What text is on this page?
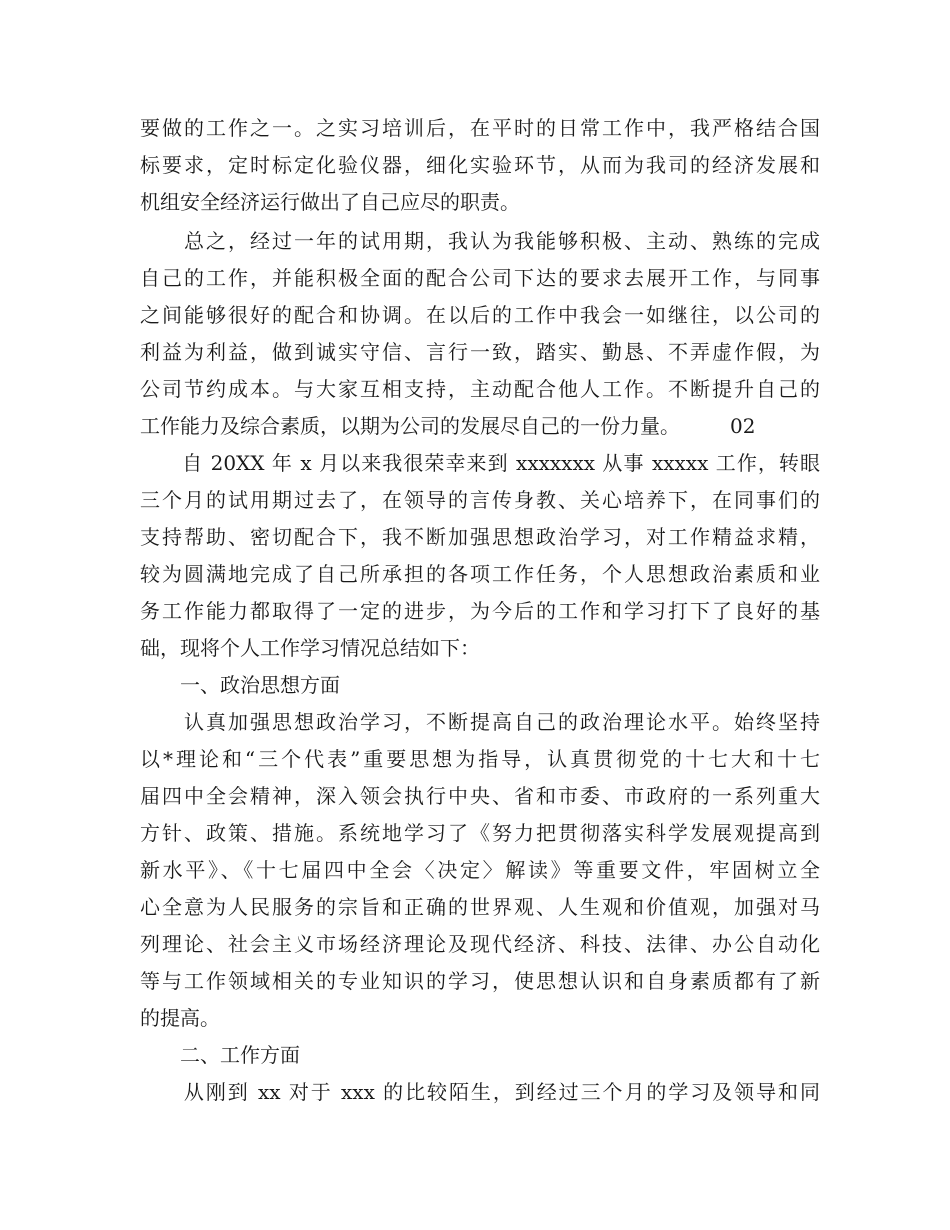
要做的工作之一。之实习培训后，在平时的日常工作中，我严格结合国
标要求，定时标定化验仪器，细化实验环节，从而为我司的经济发展和
机组安全经济运行做出了自己应尽的职责。
　　总之，经过一年的试用期，我认为我能够积极、主动、熟练的完成
自己的工作，并能积极全面的配合公司下达的要求去展开工作，与同事
之间能够很好的配合和协调。在以后的工作中我会一如继往，以公司的
利益为利益，做到诚实守信、言行一致，踏实、勤恳、不弄虚作假，为
公司节约成本。与大家互相支持，主动配合他人工作。不断提升自己的
工作能力及综合素质，以期为公司的发展尽自己的一份力量。　　　02
　　自 20XX 年 x 月以来我很荣幸来到 xxxxxxx 从事 xxxxx 工作，转眼
三个月的试用期过去了，在领导的言传身教、关心培养下，在同事们的
支持帮助、密切配合下，我不断加强思想政治学习，对工作精益求精，
较为圆满地完成了自己所承担的各项工作任务，个人思想政治素质和业
务工作能力都取得了一定的进步，为今后的工作和学习打下了良好的基
础，现将个人工作学习情况总结如下：
　　一、政治思想方面
　　认真加强思想政治学习，不断提高自己的政治理论水平。始终坚持
以*理论和“三个代表”重要思想为指导，认真贯彻党的十七大和十七
届四中全会精神，深入领会执行中央、省和市委、市政府的一系列重大
方针、政策、措施。系统地学习了《努力把贯彻落实科学发展观提高到
新水平》、《十七届四中全会〈决定〉解读》等重要文件，牢固树立全
心全意为人民服务的宗旨和正确的世界观、人生观和价值观，加强对马
列理论、社会主义市场经济理论及现代经济、科技、法律、办公自动化
等与工作领域相关的专业知识的学习，使思想认识和自身素质都有了新
的提高。
　　二、工作方面
　　从刚到 xx 对于 xxx 的比较陌生，到经过三个月的学习及领导和同
